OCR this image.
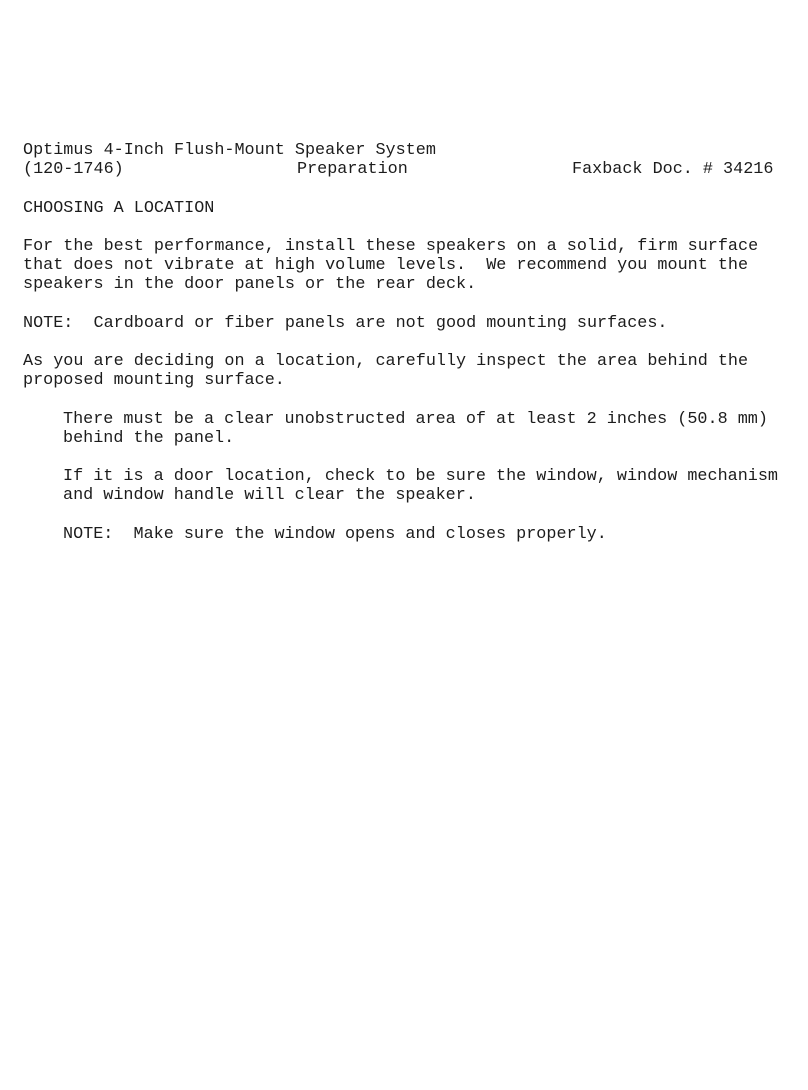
Optimus 4-Inch Flush-Mount Speaker System
(120-1746)	Preparation	Faxback Doc. # 34216
CHOOSING A LOCATION
For the best performance, install these speakers on a solid, firm surface
that does not vibrate at high volume levels.  We recommend you mount the
speakers in the door panels or the rear deck.
NOTE:  Cardboard or fiber panels are not good mounting surfaces.
As you are deciding on a location, carefully inspect the area behind the
proposed mounting surface.
There must be a clear unobstructed area of at least 2 inches (50.8 mm)
behind the panel.
If it is a door location, check to be sure the window, window mechanism
and window handle will clear the speaker.
NOTE:  Make sure the window opens and closes properly.
